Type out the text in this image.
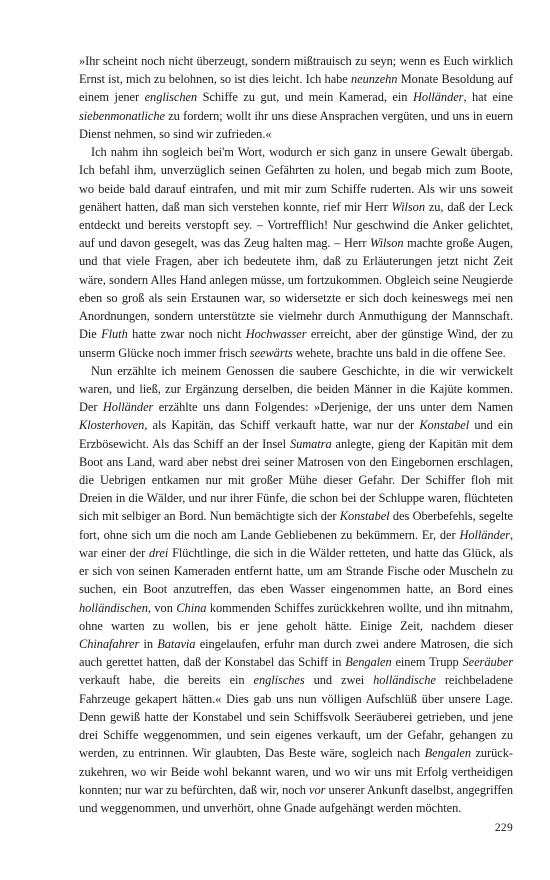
»Ihr scheint noch nicht überzeugt, sondern mißtrauisch zu seyn; wenn es Euch wirklich Ernst ist, mich zu belohnen, so ist dies leicht. Ich habe neunzehn Monate Besoldung auf einem jener englischen Schiffe zu gut, und mein Kamerad, ein Holländer, hat eine siebenmonatliche zu fordern; wollt ihr uns diese Ansprachen vergüten, und uns in euern Dienst nehmen, so sind wir zufrieden.«

Ich nahm ihn sogleich bei'm Wort, wodurch er sich ganz in unsere Gewalt übergab. Ich befahl ihm, unverzüglich seinen Gefährten zu holen, und begab mich zum Boote, wo beide bald darauf eintrafen, und mit mir zum Schiffe ruderten. Als wir uns soweit genähert hatten, daß man sich verstehen konnte, rief mir Herr Wilson zu, daß der Leck entdeckt und bereits verstopft sey. – Vortrefflich! Nur geschwind die Anker gelichtet, auf und davon gesegelt, was das Zeug halten mag. – Herr Wilson machte große Augen, und that viele Fragen, aber ich bedeutete ihm, daß zu Erläuterungen jetzt nicht Zeit wäre, sondern Alles Hand anlegen müsse, um fortzukommen. Obgleich seine Neugierde eben so groß als sein Erstaunen war, so widersetzte er sich doch keineswegs mei nen Anordnungen, sondern unterstützte sie vielmehr durch Anmuthigung der Mannschaft. Die Fluth hatte zwar noch nicht Hochwasser erreicht, aber der günstige Wind, der zu unserm Glücke noch immer frisch seewärts wehete, brachte uns bald in die offene See.

Nun erzählte ich meinem Genossen die saubere Geschichte, in die wir verwickelt waren, und ließ, zur Ergänzung derselben, die beiden Männer in die Kajüte kommen. Der Holländer erzählte uns dann Folgendes: »Derjenige, der uns unter dem Namen Klosterhoven, als Kapitän, das Schiff verkauft hatte, war nur der Konstabel und ein Erzbösewicht. Als das Schiff an der Insel Sumatra anlegte, gieng der Kapitän mit dem Boot ans Land, ward aber nebst drei seiner Matrosen von den Eingebornen erschlagen, die Uebrigen entkamen nur mit großer Mühe dieser Gefahr. Der Schiffer floh mit Dreien in die Wälder, und nur ihrer Fünfe, die schon bei der Schluppe waren, flüchteten sich mit selbiger an Bord. Nun bemächtigte sich der Konstabel des Oberbefehls, segelte fort, ohne sich um die noch am Lande Gebliebenen zu bekümmern. Er, der Holländer, war einer der drei Flüchtlinge, die sich in die Wälder retteten, und hatte das Glück, als er sich von seinen Kameraden entfernt hatte, um am Strande Fische oder Muscheln zu suchen, ein Boot anzutreffen, das eben Wasser eingenommen hatte, an Bord eines holländischen, von China kommenden Schiffes zurückkehren wollte, und ihn mitnahm, ohne warten zu wollen, bis er jene geholt hätte. Einige Zeit, nachdem dieser Chinafahrer in Batavia eingelaufen, erfuhr man durch zwei andere Matrosen, die sich auch gerettet hatten, daß der Konstabel das Schiff in Bengalen einem Trupp Seeräuber verkauft habe, die bereits ein englisches und zwei holländische reichbeladene Fahrzeuge gekapert hätten.« Dies gab uns nun völligen Aufschlüß über unsere Lage. Denn gewiß hatte der Konstabel und sein Schiffsvolk Seeräuberei getrieben, und jene drei Schiffe weggenommen, und sein eigenes verkauft, um der Gefahr, gehangen zu werden, zu entrinnen. Wir glaubten, Das Beste wäre, sogleich nach Bengalen zurückzukehren, wo wir Beide wohl bekannt waren, und wo wir uns mit Erfolg vertheidigen konnten; nur war zu befürchten, daß wir, noch vor unserer Ankunft daselbst, angegriffen und weggenommen, und unverhört, ohne Gnade aufgehängt werden möchten.

229
